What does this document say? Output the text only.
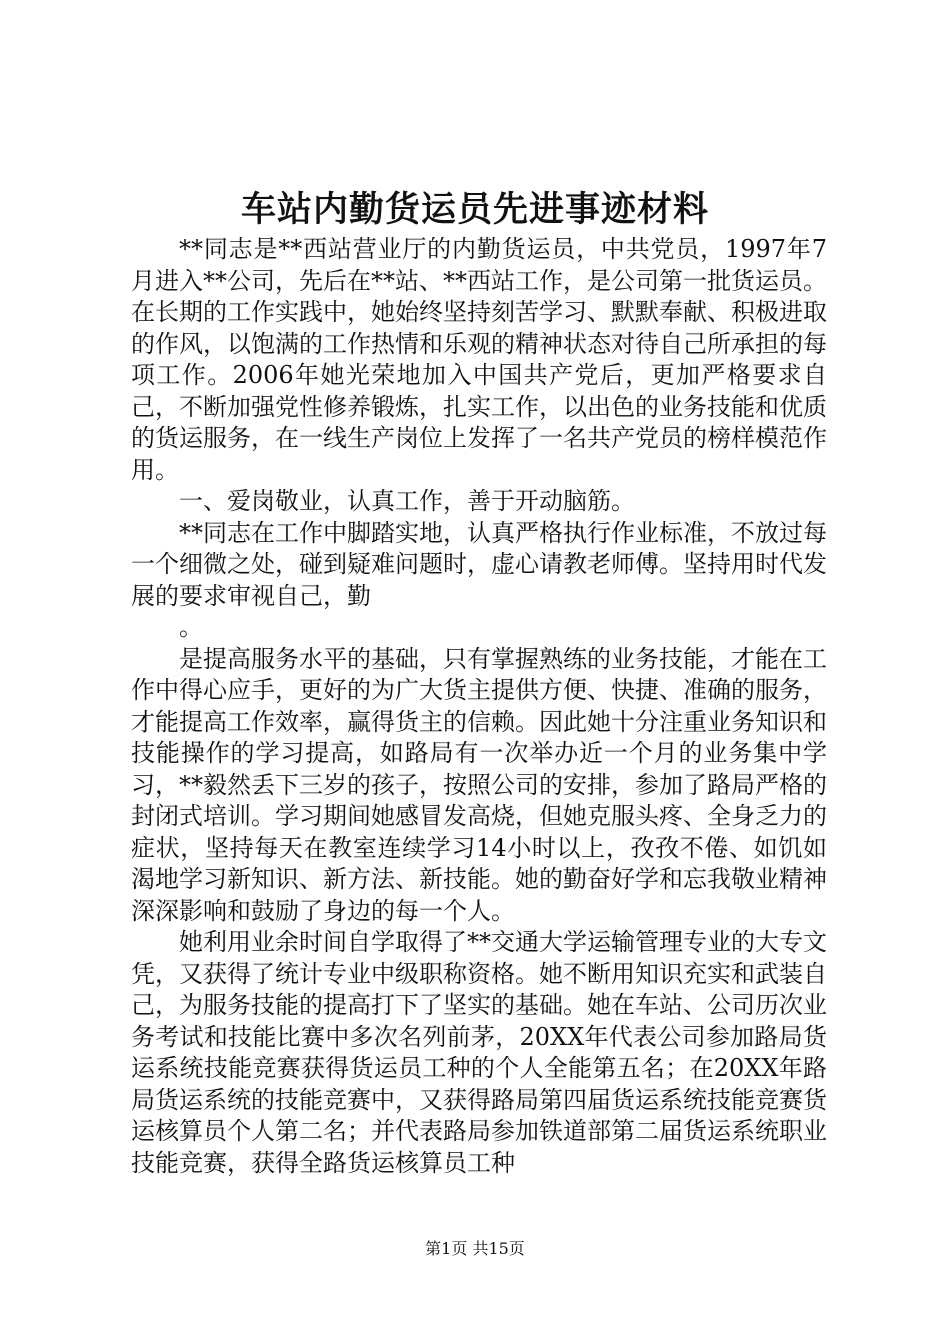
车站内勤货运员先进事迹材料

**同志是**西站营业厅的内勤货运员，中共党员，1997年7月进入**公司，先后在**站、**西站工作，是公司第一批货运员。在长期的工作实践中，她始终坚持刻苦学习、默默奉献、积极进取的作风，以饱满的工作热情和乐观的精神状态对待自己所承担的每项工作。2006年她光荣地加入中国共产党后，更加严格要求自己，不断加强党性修养锻炼，扎实工作，以出色的业务技能和优质的货运服务，在一线生产岗位上发挥了一名共产党员的榜样模范作用。

一、爱岗敬业，认真工作，善于开动脑筋。

**同志在工作中脚踏实地，认真严格执行作业标准，不放过每一个细微之处，碰到疑难问题时，虚心请教老师傅。坚持用时代发展的要求审视自己，勤

。

是提高服务水平的基础，只有掌握熟练的业务技能，才能在工作中得心应手，更好的为广大货主提供方便、快捷、准确的服务，才能提高工作效率，赢得货主的信赖。因此她十分注重业务知识和技能操作的学习提高，如路局有一次举办近一个月的业务集中学习，**毅然丢下三岁的孩子，按照公司的安排，参加了路局严格的封闭式培训。学习期间她感冒发高烧，但她克服头疼、全身乏力的症状，坚持每天在教室连续学习14小时以上，孜孜不倦、如饥如渴地学习新知识、新方法、新技能。她的勤奋好学和忘我敬业精神深深影响和鼓励了身边的每一个人。

她利用业余时间自学取得了**交通大学运输管理专业的大专文凭，又获得了统计专业中级职称资格。她不断用知识充实和武装自己，为服务技能的提高打下了坚实的基础。她在车站、公司历次业务考试和技能比赛中多次名列前茅，20XX年代表公司参加路局货运系统技能竞赛获得货运员工种的个人全能第五名；在20XX年路局货运系统的技能竞赛中，又获得路局第四届货运系统技能竞赛货运核算员个人第二名；并代表路局参加铁道部第二届货运系统职业技能竞赛，获得全路货运核算员工种

第1页 共15页
